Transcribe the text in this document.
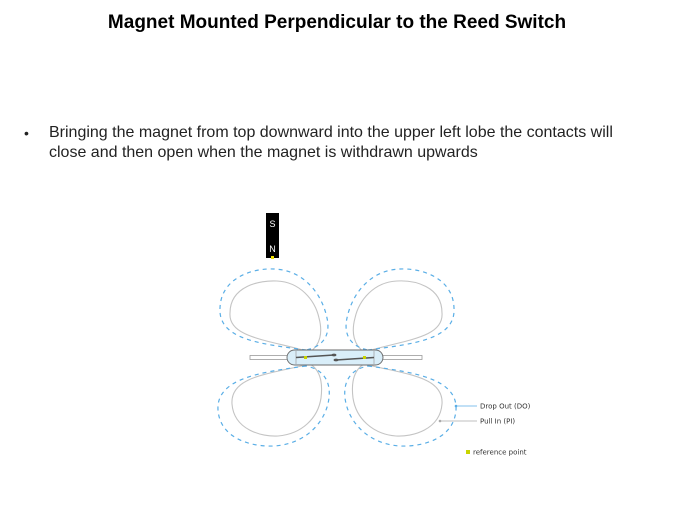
Magnet Mounted Perpendicular to the Reed Switch
•	Bringing the magnet from top downward into the upper left lobe the contacts will close and then open when the magnet is withdrawn upwards
S
N
Drop Out (DO)
Pull In (PI)
reference point
